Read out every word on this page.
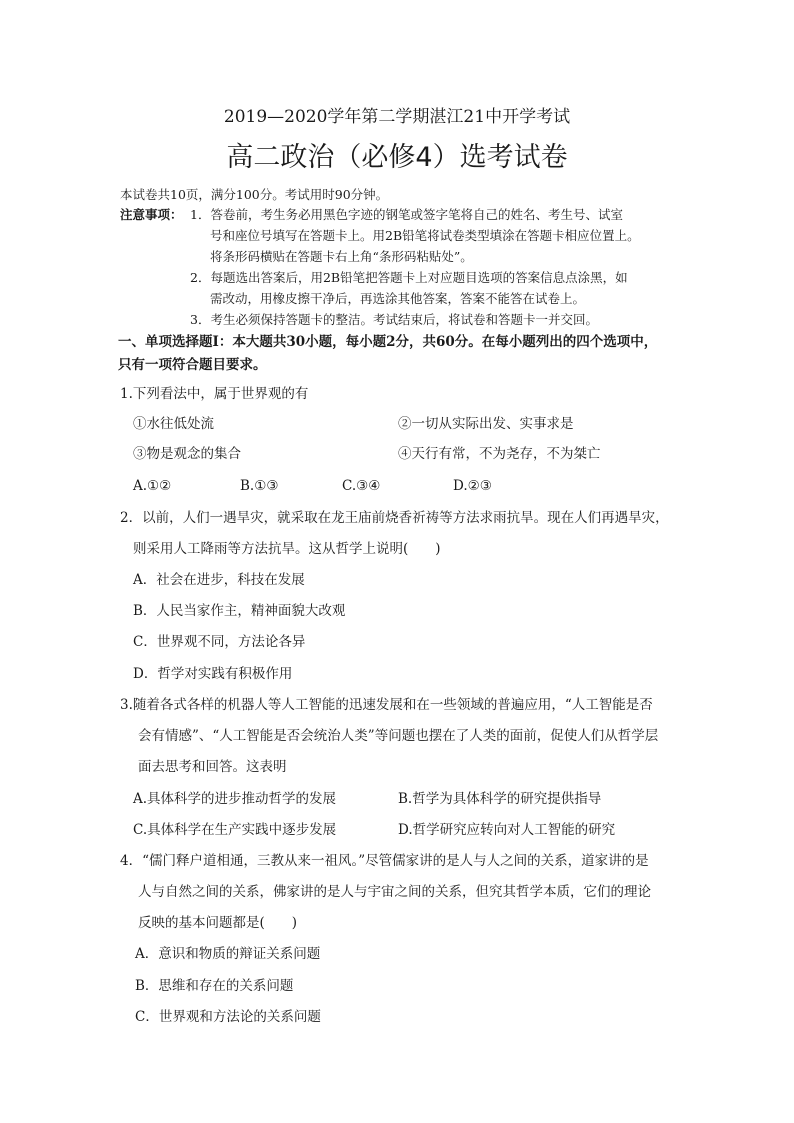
2019—2020学年第二学期湛江21中开学考试
高二政治（必修4）选考试卷
本试卷共10页，满分100分。考试用时90分钟。
注意事项： 1．答卷前，考生务必用黑色字迹的钢笔或签字笔将自己的姓名、考生号、试室
号和座位号填写在答题卡上。用2B铅笔将试卷类型填涂在答题卡相应位置上。
将条形码横贴在答题卡右上角“条形码粘贴处”。
2．每题选出答案后，用2B铅笔把答题卡上对应题目选项的答案信息点涂黑，如
需改动，用橡皮擦干净后，再选涂其他答案，答案不能答在试卷上。
3．考生必须保持答题卡的整洁。考试结束后，将试卷和答题卡一并交回。
一、单项选择题Ⅰ：本大题共30小题，每小题2分，共60分。在每小题列出的四个选项中，
只有一项符合题目要求。
1.下列看法中，属于世界观的有
①水往低处流	②一切从实际出发、实事求是
③物是观念的集合	④天行有常，不为尧存，不为桀亡
A.①②	B.①③	C.③④	D.②③
2．以前，人们一遇旱灾，就采取在龙王庙前烧香祈祷等方法求雨抗旱。现在人们再遇旱灾，
则采用人工降雨等方法抗旱。这从哲学上说明(　　)
A．社会在进步，科技在发展
B．人民当家作主，精神面貌大改观
C．世界观不同，方法论各异
D．哲学对实践有积极作用
3.随着各式各样的机器人等人工智能的迅速发展和在一些领域的普遍应用，“人工智能是否
会有情感”、“人工智能是否会统治人类”等问题也摆在了人类的面前，促使人们从哲学层
面去思考和回答。这表明
A.具体科学的进步推动哲学的发展	B.哲学为具体科学的研究提供指导
C.具体科学在生产实践中逐步发展	D.哲学研究应转向对人工智能的研究
4．“儒门释户道相通，三教从来一祖风。”尽管儒家讲的是人与人之间的关系，道家讲的是
人与自然之间的关系，佛家讲的是人与宇宙之间的关系，但究其哲学本质，它们的理论
反映的基本问题都是(　　)
A．意识和物质的辩证关系问题
B．思维和存在的关系问题
C．世界观和方法论的关系问题
